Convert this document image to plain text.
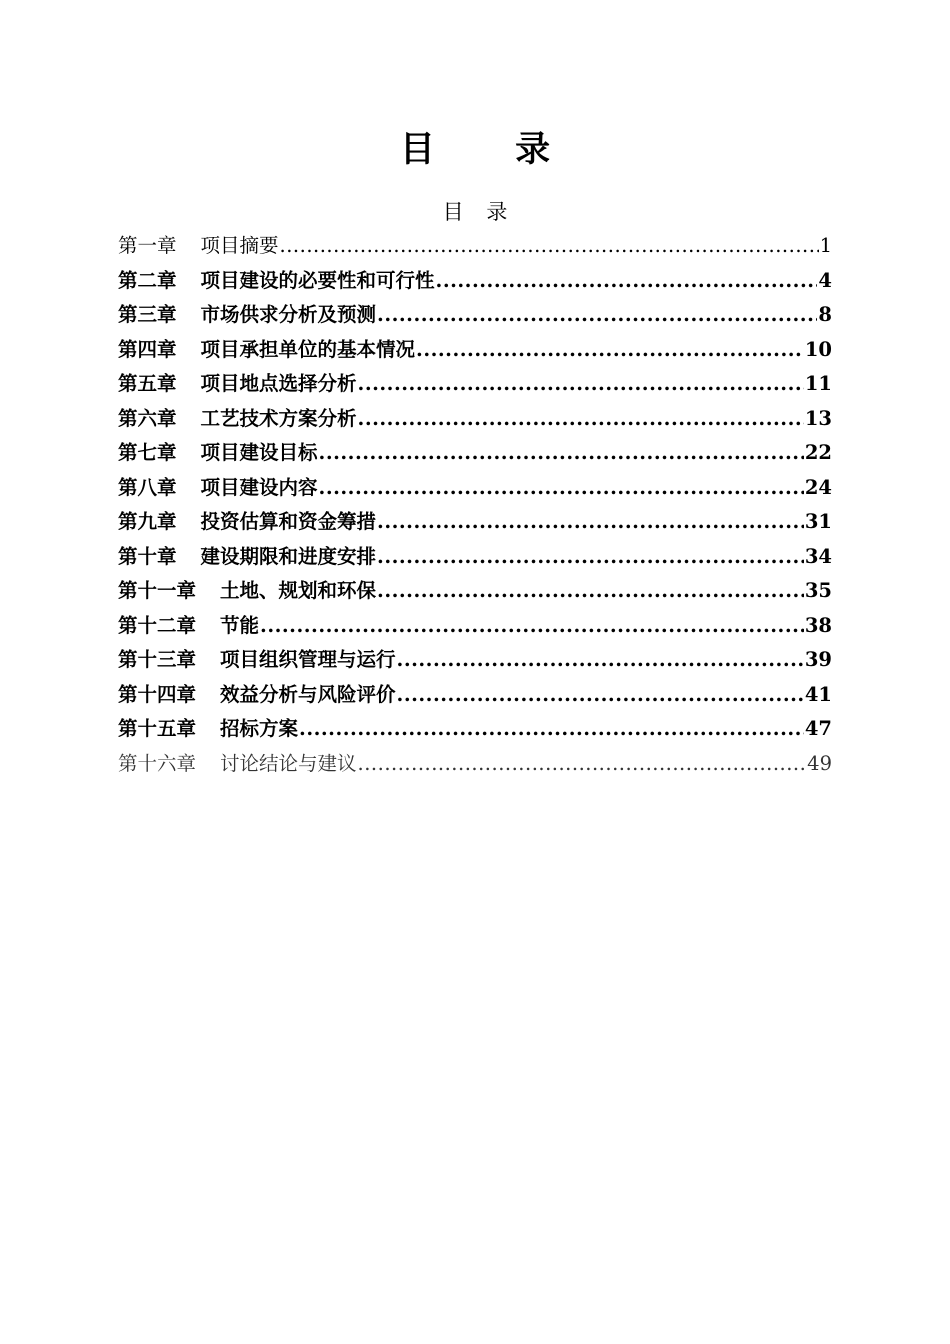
目 录
目 录
第一章 项目摘要 .....	1
第二章 项目建设的必要性和可行性 .....	4
第三章 市场供求分析及预测 .....	8
第四章 项目承担单位的基本情况 .....	10
第五章 项目地点选择分析 .....	11
第六章 工艺技术方案分析 .....	13
第七章 项目建设目标 .....	22
第八章 项目建设内容 .....	24
第九章 投资估算和资金筹措 .....	31
第十章 建设期限和进度安排 .....	34
第十一章 土地、规划和环保 .....	35
第十二章 节能 .....	38
第十三章 项目组织管理与运行 .....	39
第十四章 效益分析与风险评价 .....	41
第十五章 招标方案 .....	47
第十六章 讨论结论与建议 .....	49
